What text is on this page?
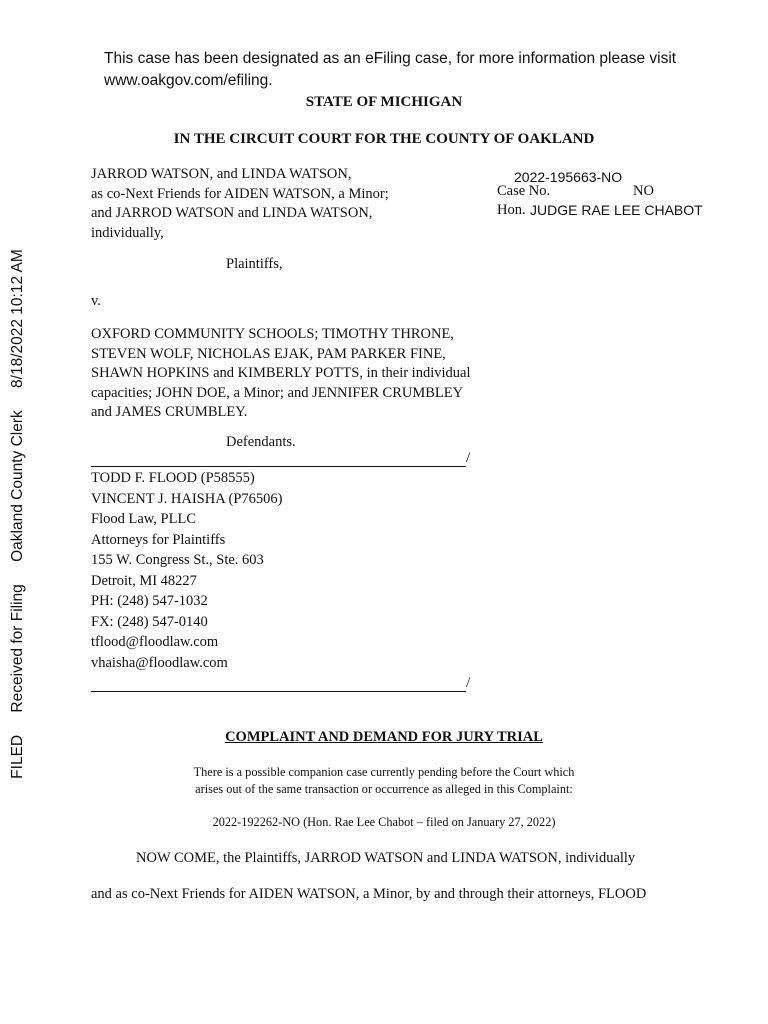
This case has been designated as an eFiling case, for more information please visit
www.oakgov.com/efiling.
STATE OF MICHIGAN
IN THE CIRCUIT COURT FOR THE COUNTY OF OAKLAND
JARROD WATSON, and LINDA WATSON,
as co-Next Friends for AIDEN WATSON, a Minor;
and JARROD WATSON and LINDA WATSON,
individually,
Plaintiffs,
2022-195663-NO
Case No.	NO
Hon. JUDGE RAE LEE CHABOT
v.
OXFORD COMMUNITY SCHOOLS; TIMOTHY THRONE,
STEVEN WOLF, NICHOLAS EJAK, PAM PARKER FINE,
SHAWN HOPKINS and KIMBERLY POTTS, in their individual
capacities; JOHN DOE, a Minor; and JENNIFER CRUMBLEY
and JAMES CRUMBLEY.
Defendants.
/
TODD F. FLOOD (P58555)
VINCENT J. HAISHA (P76506)
Flood Law, PLLC
Attorneys for Plaintiffs
155 W. Congress St., Ste. 603
Detroit, MI 48227
PH: (248) 547-1032
FX: (248) 547-0140
tflood@floodlaw.com
vhaisha@floodlaw.com
/
COMPLAINT AND DEMAND FOR JURY TRIAL
There is a possible companion case currently pending before the Court which
arises out of the same transaction or occurrence as alleged in this Complaint:
2022-192262-NO (Hon. Rae Lee Chabot – filed on January 27, 2022)
NOW COME, the Plaintiffs, JARROD WATSON and LINDA WATSON, individually
and as co-Next Friends for AIDEN WATSON, a Minor, by and through their attorneys, FLOOD
FILED Received for Filing Oakland County Clerk 8/18/2022 10:12 AM
